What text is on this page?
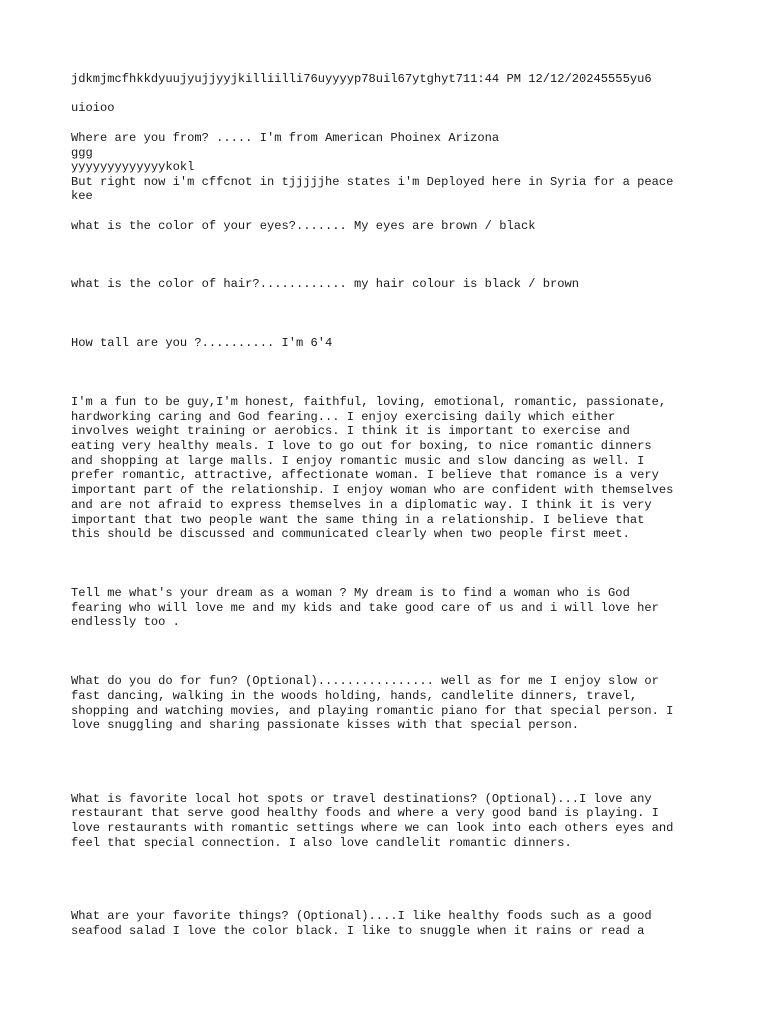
jdkmjmcfhkkdyuujyujjyyjkilliilli76uyyyyp78uil67ytghyt711:44 PM 12/12/20245555yu6

uioioo

Where are you from? ..... I'm from American Phoinex Arizona

ggg

yyyyyyyyyyyyykokl

But right now i'm cffcnot in tjjjjjhe states i'm Deployed here in Syria for a peace

kee

what is the color of your eyes?....... My eyes are brown / black

what is the color of hair?............ my hair colour is black / brown

How tall are you ?.......... I'm 6'4

I'm a fun to be guy,I'm honest, faithful, loving, emotional, romantic, passionate,

hardworking caring and God fearing... I enjoy exercising daily which either

involves weight training or aerobics. I think it is important to exercise and

eating very healthy meals. I love to go out for boxing, to nice romantic dinners

and shopping at large malls. I enjoy romantic music and slow dancing as well. I

prefer romantic, attractive, affectionate woman. I believe that romance is a very

important part of the relationship. I enjoy woman who are confident with themselves

and are not afraid to express themselves in a diplomatic way. I think it is very

important that two people want the same thing in a relationship. I believe that

this should be discussed and communicated clearly when two people first meet.

Tell me what's your dream as a woman ? My dream is to find a woman who is God

fearing who will love me and my kids and take good care of us and i will love her

endlessly too .

What do you do for fun? (Optional)................ well as for me I enjoy slow or

fast dancing, walking in the woods holding, hands, candlelite dinners, travel,

shopping and watching movies, and playing romantic piano for that special person. I

love snuggling and sharing passionate kisses with that special person.

What is favorite local hot spots or travel destinations? (Optional)...I love any

restaurant that serve good healthy foods and where a very good band is playing. I

love restaurants with romantic settings where we can look into each others eyes and

feel that special connection. I also love candlelit romantic dinners.

What are your favorite things? (Optional)....I like healthy foods such as a good

seafood salad I love the color black. I like to snuggle when it rains or read a
